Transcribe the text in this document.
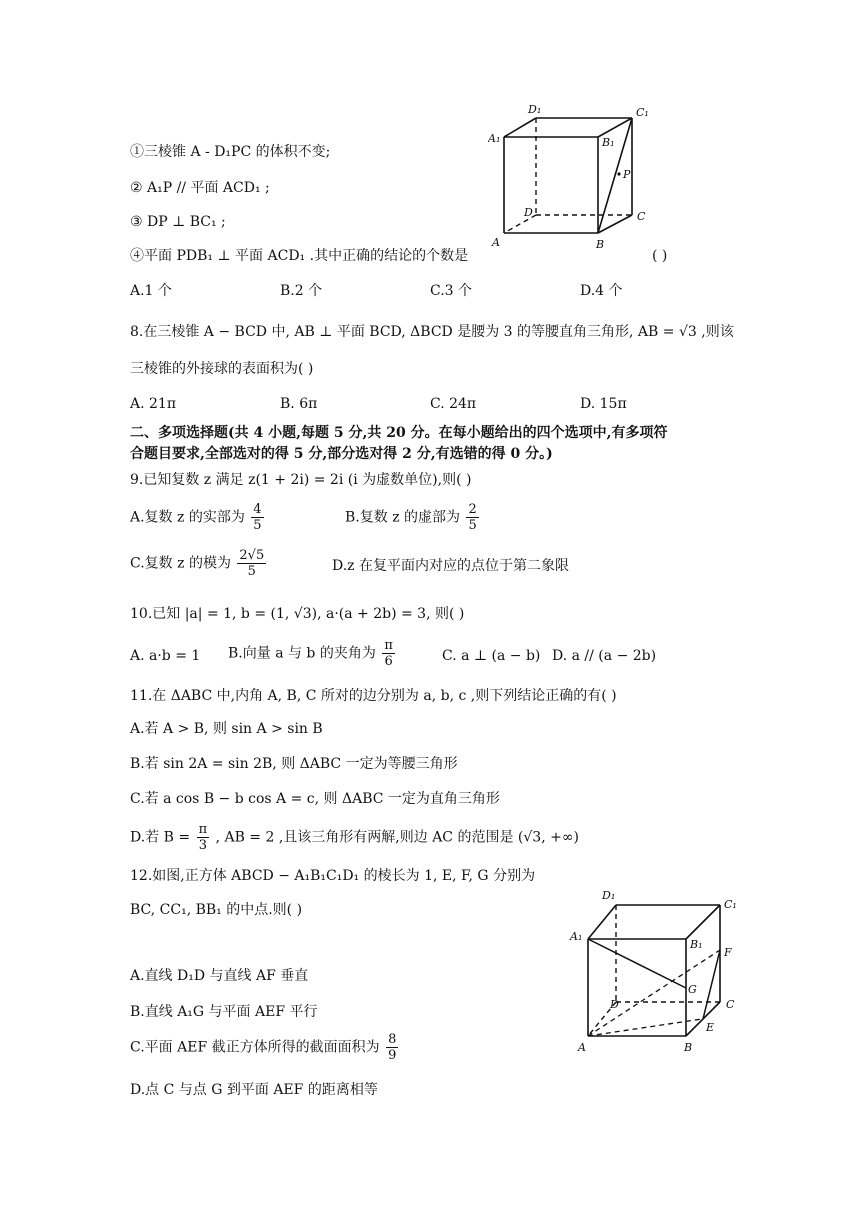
①三棱锥 A - D₁PC 的体积不变;
② A₁P // 平面 ACD₁ ;
③ DP ⊥ BC₁ ;
④平面 PDB₁ ⊥ 平面 ACD₁ .其中正确的结论的个数是	( )
D₁	C₁
A₁	B₁
P
D	C
A	B
A.1 个	B.2 个	C.3 个	D.4 个
8.在三棱锥 A − BCD 中, AB ⊥ 平面 BCD, ΔBCD 是腰为 3 的等腰直角三角形, AB = √3 ,则该
三棱锥的外接球的表面积为( )
A. 21π	B. 6π	C. 24π	D. 15π
二、多项选择题(共 4 小题,每题 5 分,共 20 分。在每小题给出的四个选项中,有多项符
合题目要求,全部选对的得 5 分,部分选对得 2 分,有选错的得 0 分。)
9.已知复数 z 满足 z(1 + 2i) = 2i (i 为虚数单位),则( )
A.复数 z 的实部为 $\frac{4}{5}$	B.复数 z 的虚部为 $\frac{2}{5}$
C.复数 z 的模为 $\frac{2√5}{5}$	D.z 在复平面内对应的点位于第二象限
10.已知 |a| = 1, b = (1, √3), a·(a + 2b) = 3, 则( )
A. a·b = 1 B.向量 a 与 b 的夹角为 $\frac{\pi}{6}$	C. a ⊥ (a − b) D. a // (a − 2b)
11.在 ΔABC 中,内角 A, B, C 所对的边分别为 a, b, c ,则下列结论正确的有( )
A.若 A > B, 则 sin A > sin B
B.若 sin 2A = sin 2B, 则 ΔABC 一定为等腰三角形
C.若 a cos B − b cos A = c, 则 ΔABC 一定为直角三角形
D.若 $B = \frac{\pi}{3}$ , AB = 2 ,且该三角形有两解,则边 AC 的范围是 (√3, +∞)
12.如图,正方体 ABCD − A₁B₁C₁D₁ 的棱长为 1, E, F, G 分别为
BC, CC₁, BB₁ 的中点.则( )
D₁
C₁
A₁
B₁
F
G
D	C
E
A	B
A.直线 D₁D 与直线 AF 垂直
B.直线 A₁G 与平面 AEF 平行
C.平面 AEF 截正方体所得的截面面积为 $\frac{8}{9}$
D.点 C 与点 G 到平面 AEF 的距离相等
